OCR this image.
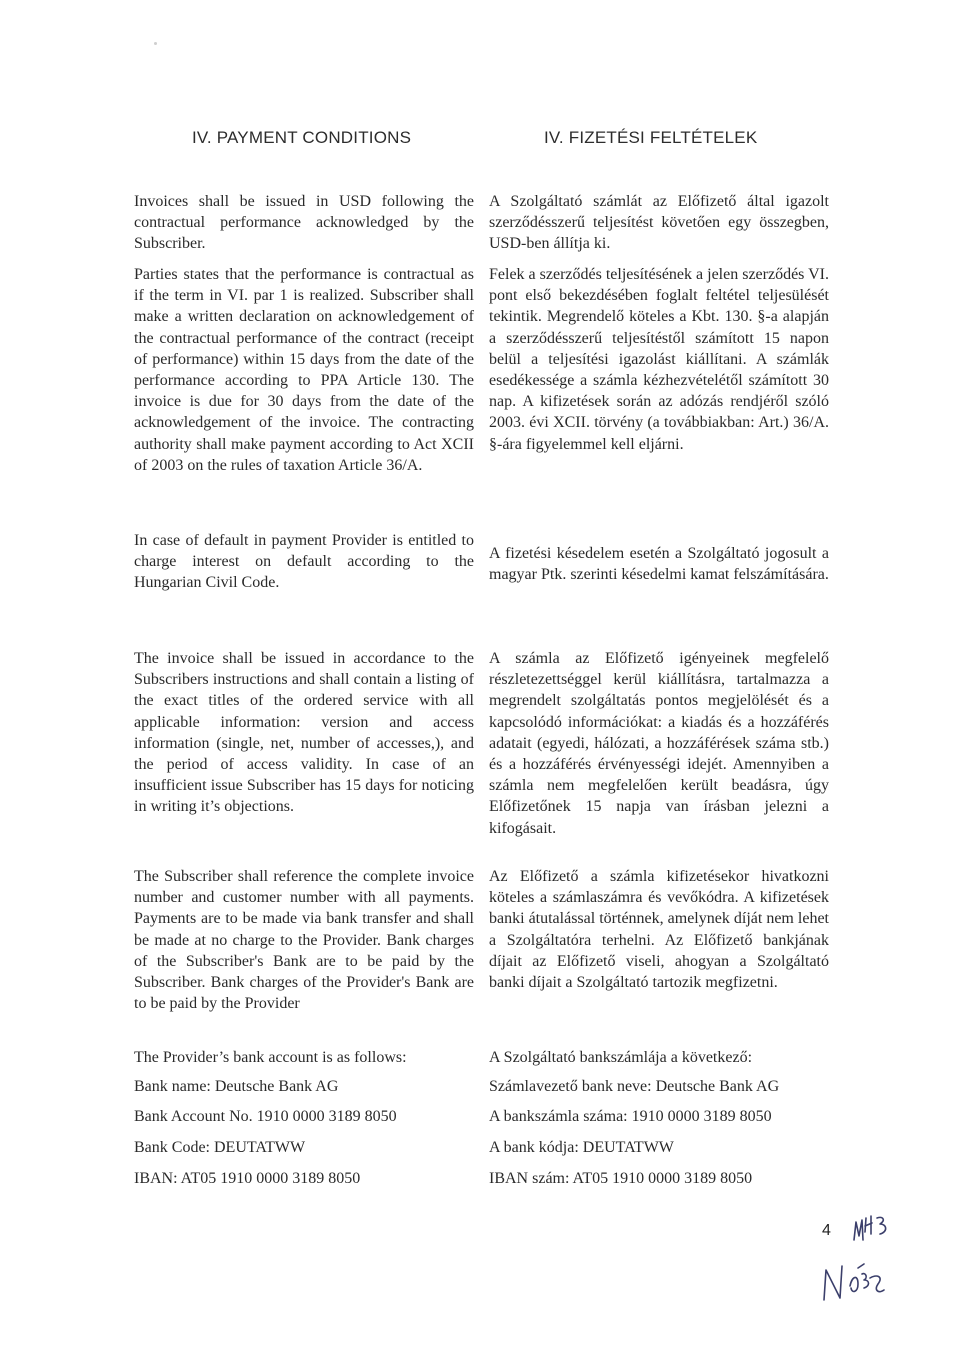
IV. PAYMENT CONDITIONS	IV. FIZETÉSI FELTÉTELEK

Invoices shall be issued in USD following the contractual performance acknowledged by the Subscriber.

Parties states that the performance is contractual as if the term in VI. par 1 is realized. Subscriber shall make a written declaration on acknowledgement of the contractual performance of the contract (receipt of performance) within 15 days from the date of the performance according to PPA Article 130. The invoice is due for 30 days from the date of the acknowledgement of the invoice. The contracting authority shall make payment according to Act XCII of 2003 on the rules of taxation Article 36/A.

In case of default in payment Provider is entitled to charge interest on default according to the Hungarian Civil Code.

The invoice shall be issued in accordance to the Subscribers instructions and shall contain a listing of the exact titles of the ordered service with all applicable information: version and access information (single, net, number of accesses,), and the period of access validity. In case of an insufficient issue Subscriber has 15 days for noticing in writing it’s objections.

The Subscriber shall reference the complete invoice number and customer number with all payments. Payments are to be made via bank transfer and shall be made at no charge to the Provider. Bank charges of the Subscriber's Bank are to be paid by the Subscriber. Bank charges of the Provider's Bank are to be paid by the Provider

The Provider’s bank account is as follows:
Bank name: Deutsche Bank AG
Bank Account No. 1910 0000 3189 8050
Bank Code: DEUTATWW
IBAN: AT05 1910 0000 3189 8050

A Szolgáltató számlát az Előfizető által igazolt szerződésszerű teljesítést követően egy összegben, USD-ben állítja ki.

Felek a szerződés teljesítésének a jelen szerződés VI. pont első bekezdésében foglalt feltétel teljesülését tekintik. Megrendelő köteles a Kbt. 130. §-a alapján a szerződésszerű teljesítéstől számított 15 napon belül a teljesítési igazolást kiállítani. A számlák esedékessége a számla kézhezvételétől számított 30 nap. A kifizetések során az adózás rendjéről szóló 2003. évi XCII. törvény (a továbbiakban: Art.) 36/A. §-ára figyelemmel kell eljárni.

A fizetési késedelem esetén a Szolgáltató jogosult a magyar Ptk. szerinti késedelmi kamat felszámítására.

A számla az Előfizető igényeinek megfelelő részletezettséggel kerül kiállításra, tartalmazza a megrendelt szolgáltatás pontos megjelölését és a kapcsolódó információkat: a kiadás és a hozzáférés adatait (egyedi, hálózati, a hozzáférések száma stb.) és a hozzáférés érvényességi idejét. Amennyiben a számla nem megfelelően került beadásra, úgy Előfizetőnek 15 napja van írásban jelezni a kifogásait.

Az Előfizető a számla kifizetésekor hivatkozni köteles a számlaszámra és vevőkódra. A kifizetések banki átutalással történnek, amelynek díját nem lehet a Szolgáltatóra terhelni. Az Előfizető bankjának díjait az Előfizető viseli, ahogyan a Szolgáltató banki díjait a Szolgáltató tartozik megfizetni.

A Szolgáltató bankszámlája a következő:
Számlavezető bank neve: Deutsche Bank AG
A bankszámla száma: 1910 0000 3189 8050
A bank kódja: DEUTATWW
IBAN szám: AT05 1910 0000 3189 8050
4
